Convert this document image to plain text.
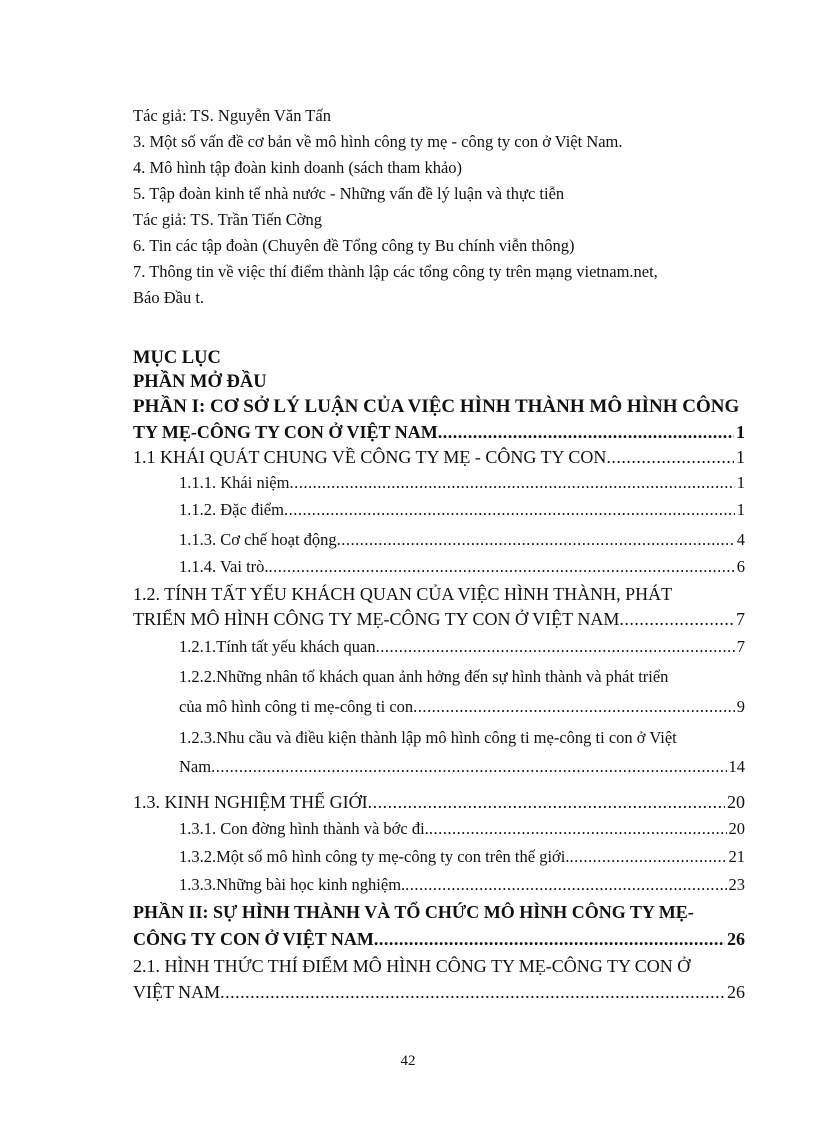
Tác giả: TS. Nguyễn Văn Tấn
3. Một số vấn đề cơ bản về mô hình công ty mẹ - công ty con ở Việt Nam.
4. Mô hình tập đoàn kinh doanh (sách tham khảo)
5. Tập đoàn kinh tế nhà nước - Những vấn đề lý luận và thực tiễn
Tác giả: TS. Trần Tiến Cờng
6. Tin các tập đoàn (Chuyên đề Tổng công ty Bu chính viễn thông)
7. Thông tin về việc thí điểm thành lập các tổng công ty trên mạng vietnam.net,
Báo Đầu t.
MỤC LỤC
PHẦN MỞ ĐẦU
PHẦN I: CƠ SỞ LÝ LUẬN CỦA VIỆC HÌNH THÀNH MÔ HÌNH CÔNG
TY MẸ-CÔNG TY CON Ở VIỆT NAM .....	1
1.1 KHÁI QUÁT CHUNG VỀ CÔNG TY MẸ - CÔNG TY CON .....	1
1.1.1. Khái niệm .....	1
1.1.2. Đặc điểm .....	1
1.1.3. Cơ chế hoạt động .....	4
1.1.4. Vai trò. .....	6
1.2. TÍNH TẤT YẾU KHÁCH QUAN CỦA VIỆC HÌNH THÀNH, PHÁT
TRIỂN MÔ HÌNH CÔNG TY MẸ-CÔNG TY CON Ở VIỆT NAM .....	7
1.2.1.Tính tất yếu khách quan .....	7
1.2.2.Những nhân tố khách quan ảnh hởng đến sự hình thành và phát triển
của mô hình công ti mẹ-công ti con .....	9
1.2.3.Nhu cầu và điều kiện thành lập mô hình công ti mẹ-công ti con ở Việt
Nam .....	14
1.3. KINH NGHIỆM THẾ GIỚI .....	20
1.3.1. Con đờng hình thành và bớc đi. .....	20
1.3.2.Một số mô hình công ty mẹ-công ty con trên thế giới. .....	21
1.3.3.Những bài học kinh nghiệm. .....	23
PHẦN II: SỰ HÌNH THÀNH VÀ TỔ CHỨC MÔ HÌNH CÔNG TY MẸ-
CÔNG TY CON Ở VIỆT NAM .....	26
2.1. HÌNH THỨC THÍ ĐIỂM MÔ HÌNH CÔNG TY MẸ-CÔNG TY CON Ở
VIỆT NAM .....	26
42
